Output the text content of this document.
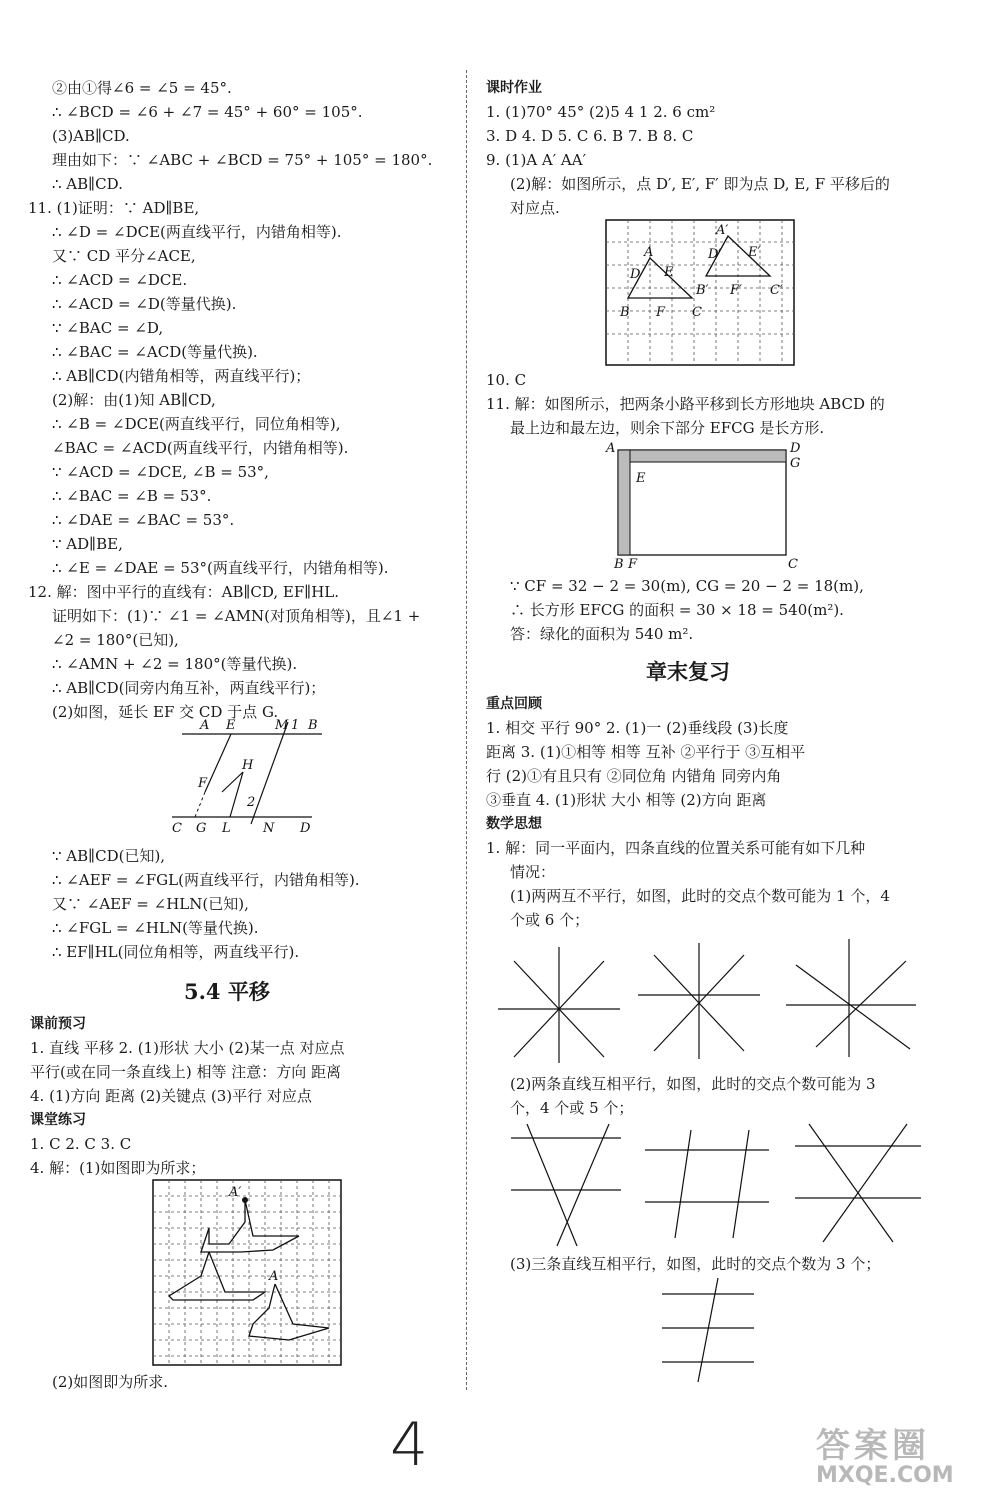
②由①得∠6 = ∠5 = 45°.
∴ ∠BCD = ∠6 + ∠7 = 45° + 60° = 105°.
(3)AB∥CD.
理由如下：∵ ∠ABC + ∠BCD = 75° + 105° = 180°.
∴ AB∥CD.
11. (1)证明：∵ AD∥BE,
∴ ∠D = ∠DCE(两直线平行，内错角相等).
又∵ CD 平分∠ACE,
∴ ∠ACD = ∠DCE.
∴ ∠ACD = ∠D(等量代换).
∵ ∠BAC = ∠D,
∴ ∠BAC = ∠ACD(等量代换).
∴ AB∥CD(内错角相等，两直线平行)；
(2)解：由(1)知 AB∥CD,
∴ ∠B = ∠DCE(两直线平行，同位角相等),
∠BAC = ∠ACD(两直线平行，内错角相等).
∵ ∠ACD = ∠DCE, ∠B = 53°,
∴ ∠BAC = ∠B = 53°.
∴ ∠DAE = ∠BAC = 53°.
∵ AD∥BE,
∴ ∠E = ∠DAE = 53°(两直线平行，内错角相等).
12. 解：图中平行的直线有：AB∥CD, EF∥HL.
证明如下：(1)∵ ∠1 = ∠AMN(对顶角相等)，且∠1 +
∠2 = 180°(已知),
∴ ∠AMN + ∠2 = 180°(等量代换).
∴ AB∥CD(同旁内角互补，两直线平行)；
(2)如图，延长 EF 交 CD 于点 G.
A E	M 1 B
H
F
2
C G L N D
∵ AB∥CD(已知),
∴ ∠AEF = ∠FGL(两直线平行，内错角相等).
又∵ ∠AEF = ∠HLN(已知),
∴ ∠FGL = ∠HLN(等量代换).
∴ EF∥HL(同位角相等，两直线平行).
5.4 平移
课前预习
1. 直线 平移 2. (1)形状 大小 (2)某一点 对应点
平行(或在同一条直线上) 相等 注意：方向 距离
4. (1)方向 距离 (2)关键点 (3)平行 对应点
课堂练习
1. C 2. C 3. C
4. 解：(1)如图即为所求；
A′
A
(2)如图即为所求.
课时作业
1. (1)70° 45° (2)5 4 1 2. 6 cm²
3. D 4. D 5. C 6. B 7. B 8. C
9. (1)A A′ AA′
(2)解：如图所示，点 D′, E′, F′ 即为点 D, E, F 平移后的
对应点.
A
A′
D E
D′ E′
B F C
B′ F′ C′
10. C
11. 解：如图所示，把两条小路平移到长方形地块 ABCD 的
最上边和最左边，则余下部分 EFCG 是长方形.
A	D
G
E
B F	C
∵ CF = 32 − 2 = 30(m), CG = 20 − 2 = 18(m),
∴ 长方形 EFCG 的面积 = 30 × 18 = 540(m²).
答：绿化的面积为 540 m².
章末复习
重点回顾
1. 相交 平行 90° 2. (1)一 (2)垂线段 (3)长度
距离 3. (1)①相等 相等 互补 ②平行于 ③互相平
行 (2)①有且只有 ②同位角 内错角 同旁内角
③垂直 4. (1)形状 大小 相等 (2)方向 距离
数学思想
1. 解：同一平面内，四条直线的位置关系可能有如下几种
情况：
(1)两两互不平行，如图，此时的交点个数可能为 1 个，4
个或 6 个；
(2)两条直线互相平行，如图，此时的交点个数可能为 3
个，4 个或 5 个；
(3)三条直线互相平行，如图，此时的交点个数为 3 个；
4	答案圈
MXQE.COM
